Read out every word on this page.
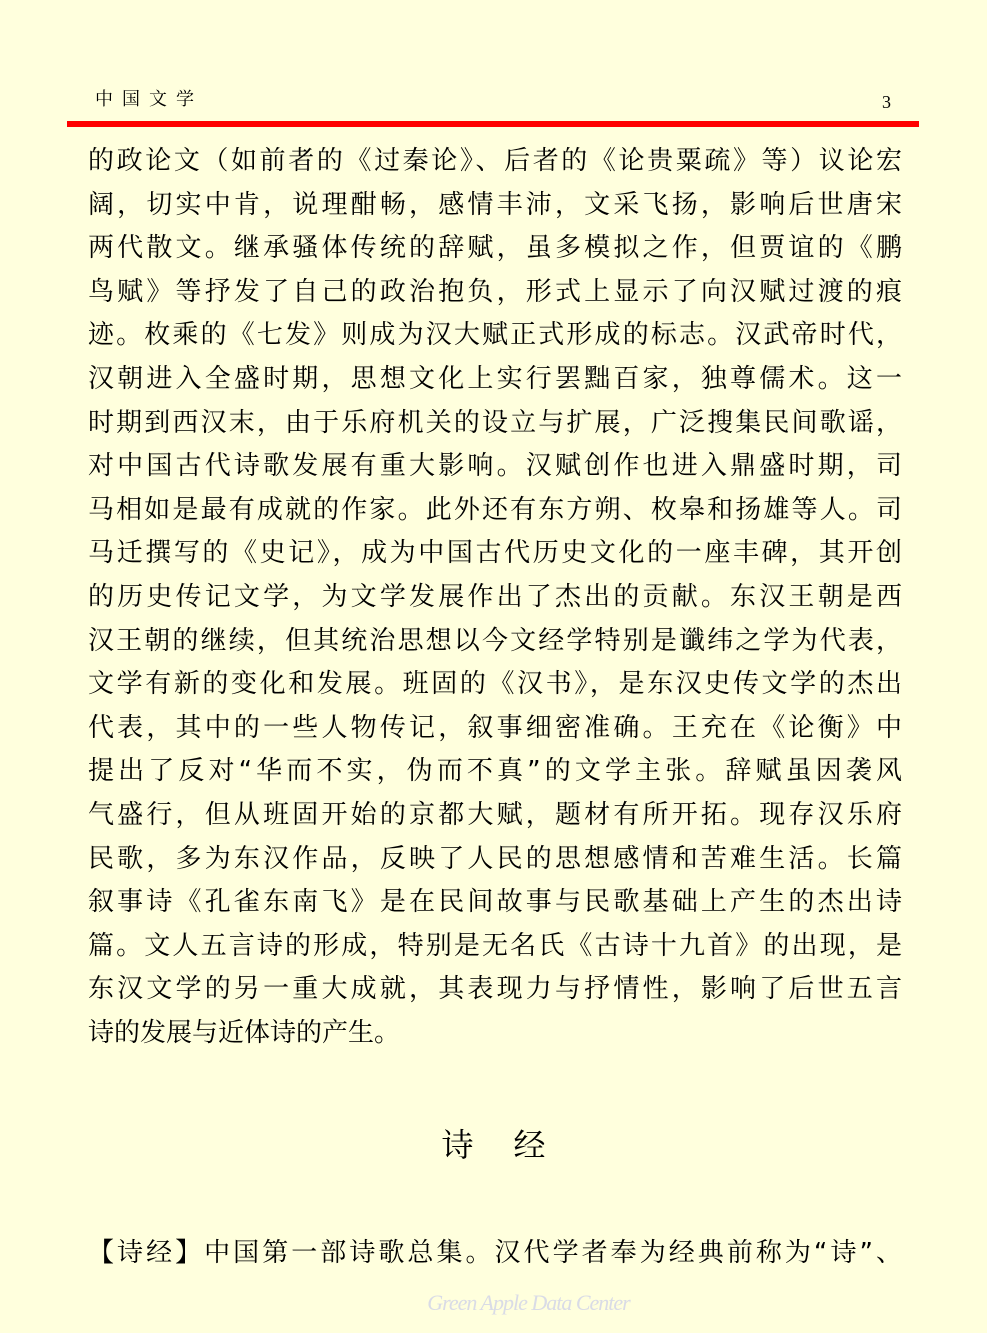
中国文学	3
的政论文（如前者的《过秦论》、后者的《论贵粟疏》等）议论宏
阔，切实中肯，说理酣畅，感情丰沛，文采飞扬，影响后世唐宋
两代散文。继承骚体传统的辞赋，虽多模拟之作，但贾谊的《鹏
鸟赋》等抒发了自己的政治抱负，形式上显示了向汉赋过渡的痕
迹。枚乘的《七发》则成为汉大赋正式形成的标志。汉武帝时代，
汉朝进入全盛时期，思想文化上实行罢黜百家，独尊儒术。这一
时期到西汉末，由于乐府机关的设立与扩展，广泛搜集民间歌谣，
对中国古代诗歌发展有重大影响。汉赋创作也进入鼎盛时期，司
马相如是最有成就的作家。此外还有东方朔、枚皋和扬雄等人。司
马迁撰写的《史记》，成为中国古代历史文化的一座丰碑，其开创
的历史传记文学，为文学发展作出了杰出的贡献。东汉王朝是西
汉王朝的继续，但其统治思想以今文经学特别是谶纬之学为代表，
文学有新的变化和发展。班固的《汉书》，是东汉史传文学的杰出
代表，其中的一些人物传记，叙事细密准确。王充在《论衡》中
提出了反对“华而不实，伪而不真”的文学主张。辞赋虽因袭风
气盛行，但从班固开始的京都大赋，题材有所开拓。现存汉乐府
民歌，多为东汉作品，反映了人民的思想感情和苦难生活。长篇
叙事诗《孔雀东南飞》是在民间故事与民歌基础上产生的杰出诗
篇。文人五言诗的形成，特别是无名氏《古诗十九首》的出现，是
东汉文学的另一重大成就，其表现力与抒情性，影响了后世五言
诗的发展与近体诗的产生。
诗 经
【诗经】中国第一部诗歌总集。汉代学者奉为经典前称为“诗”、
Green Apple Data Center
